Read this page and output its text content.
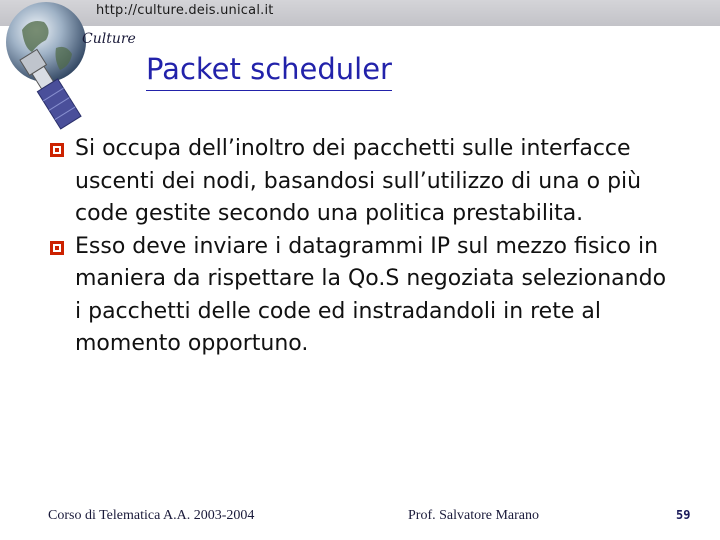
http://culture.deis.unical.it
Culture
Packet scheduler
Si occupa dell’inoltro dei pacchetti sulle interfacce uscenti dei nodi, basandosi sull’utilizzo di una o più code gestite secondo una politica prestabilita.
Esso deve inviare i datagrammi IP sul mezzo fisico in maniera da rispettare la Qo.S negoziata selezionando i pacchetti delle code ed instradandoli in rete al momento opportuno.
Corso di Telematica A.A. 2003-2004	Prof. Salvatore Marano	59
